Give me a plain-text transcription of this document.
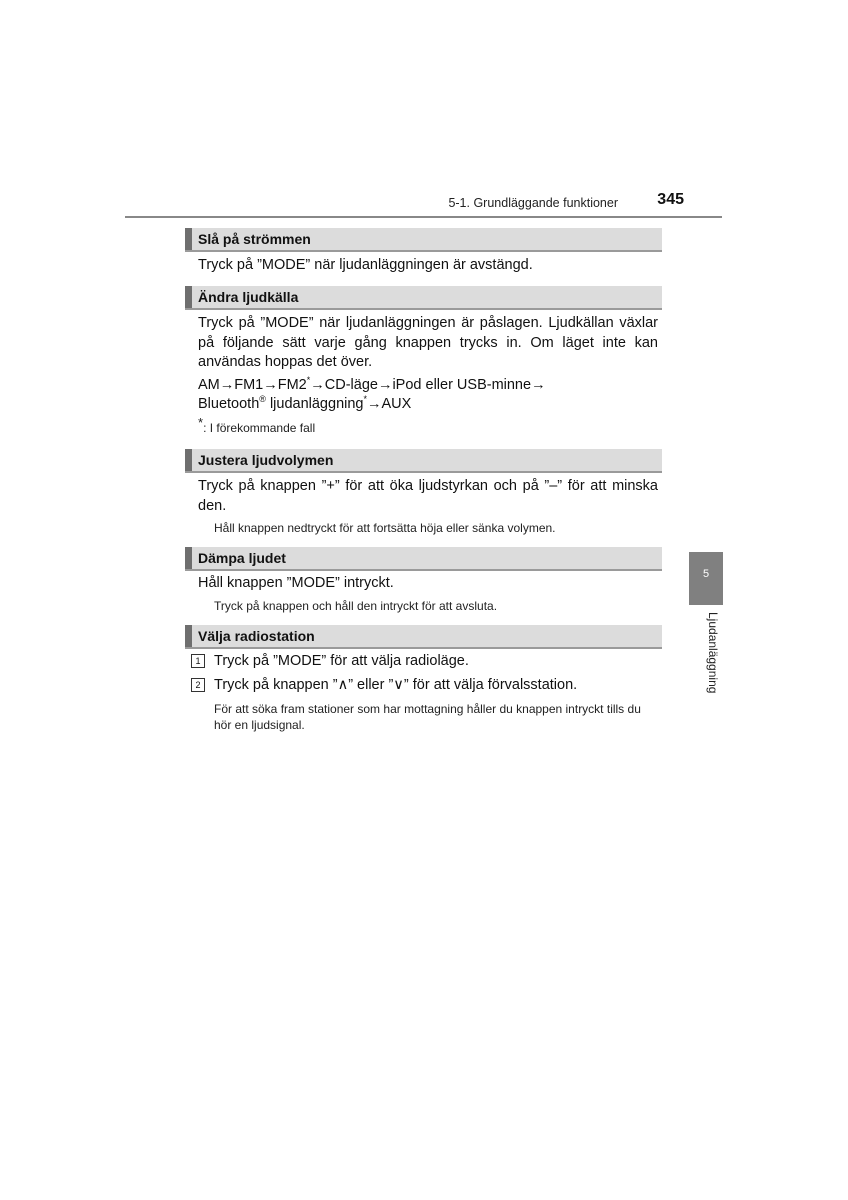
5-1. Grundläggande funktioner	345
5
Ljudanläggning
Slå på strömmen
Tryck på ”MODE” när ljudanläggningen är avstängd.
Ändra ljudkälla
Tryck på ”MODE” när ljudanläggningen är påslagen. Ljudkällan växlar på följande sätt varje gång knappen trycks in. Om läget inte kan användas hoppas det över.
AM→FM1→FM2*→CD-läge→iPod eller USB-minne→
Bluetooth® ljudanläggning*→AUX
*: I förekommande fall
Justera ljudvolymen
Tryck på knappen ”+” för att öka ljudstyrkan och på ”–” för att minska den.
Håll knappen nedtryckt för att fortsätta höja eller sänka volymen.
Dämpa ljudet
Håll knappen ”MODE” intryckt.
Tryck på knappen och håll den intryckt för att avsluta.
Välja radiostation
1 Tryck på ”MODE” för att välja radioläge.
2 Tryck på knappen ”∧” eller ”∨” för att välja förvalsstation.
För att söka fram stationer som har mottagning håller du knappen intryckt tills du hör en ljudsignal.
